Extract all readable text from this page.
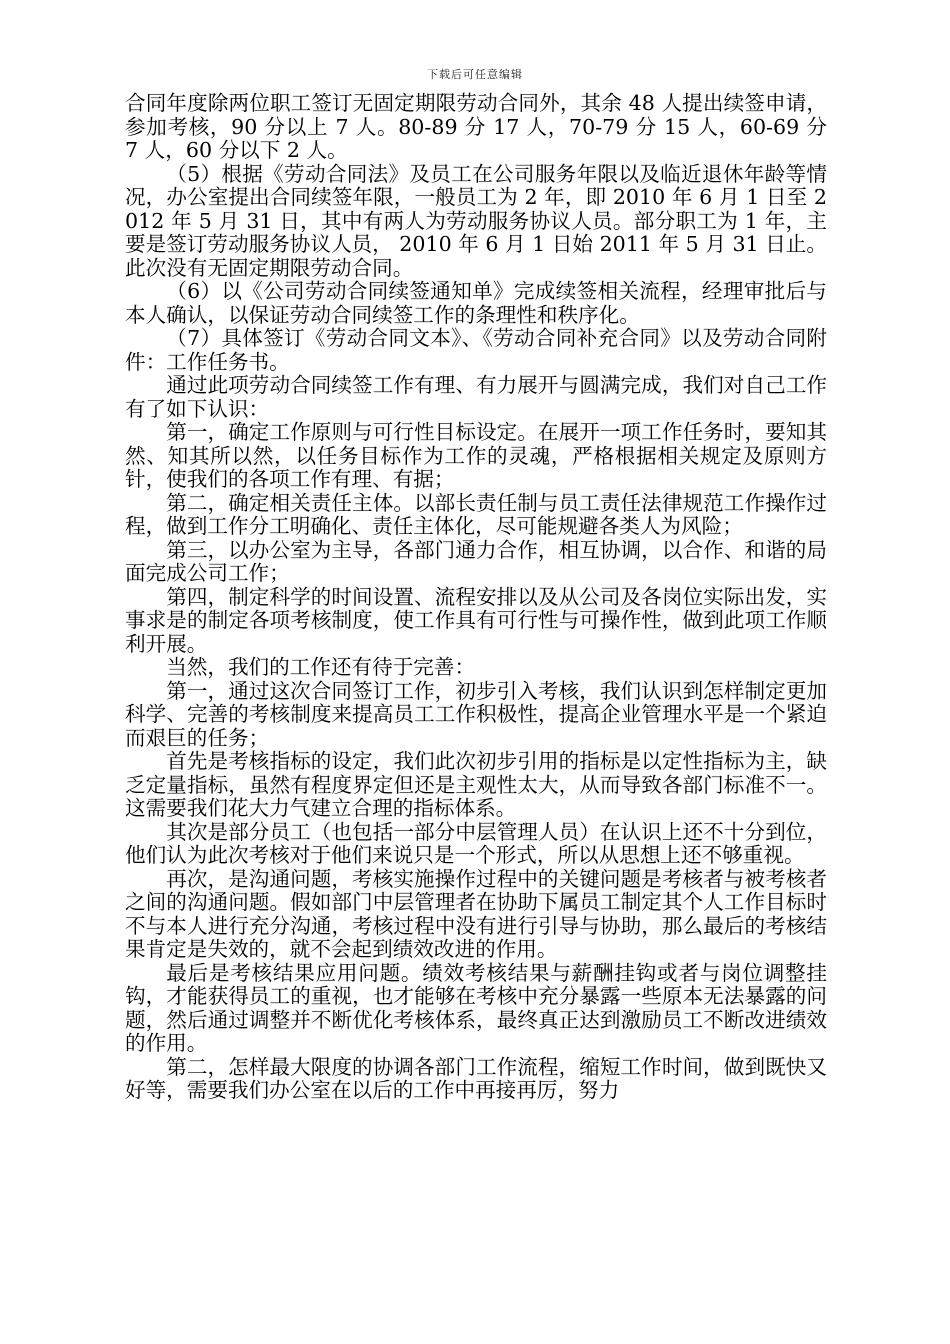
下载后可任意编辑

合同年度除两位职工签订无固定期限劳动合同外，其余 48 人提出续签申请，参加考核，90 分以上 7 人。80-89 分 17 人，70-79 分 15 人，60-69 分 7 人，60 分以下 2 人。

（5）根据《劳动合同法》及员工在公司服务年限以及临近退休年龄等情况，办公室提出合同续签年限，一般员工为 2 年，即 2010 年 6 月 1 日至 2012 年 5 月 31 日，其中有两人为劳动服务协议人员。部分职工为 1 年，主要是签订劳动服务协议人员， 2010 年 6 月 1 日始 2011 年 5 月 31 日止。此次没有无固定期限劳动合同。

（6）以《公司劳动合同续签通知单》完成续签相关流程，经理审批后与本人确认，以保证劳动合同续签工作的条理性和秩序化。

（7）具体签订《劳动合同文本》、《劳动合同补充合同》以及劳动合同附件：工作任务书。

通过此项劳动合同续签工作有理、有力展开与圆满完成，我们对自己工作有了如下认识：

第一，确定工作原则与可行性目标设定。在展开一项工作任务时，要知其然、知其所以然，以任务目标作为工作的灵魂，严格根据相关规定及原则方针，使我们的各项工作有理、有据；

第二，确定相关责任主体。以部长责任制与员工责任法律规范工作操作过程，做到工作分工明确化、责任主体化，尽可能规避各类人为风险；

第三，以办公室为主导，各部门通力合作，相互协调，以合作、和谐的局面完成公司工作；

第四，制定科学的时间设置、流程安排以及从公司及各岗位实际出发，实事求是的制定各项考核制度，使工作具有可行性与可操作性，做到此项工作顺利开展。

当然，我们的工作还有待于完善：

第一，通过这次合同签订工作，初步引入考核，我们认识到怎样制定更加科学、完善的考核制度来提高员工工作积极性，提高企业管理水平是一个紧迫而艰巨的任务；

首先是考核指标的设定，我们此次初步引用的指标是以定性指标为主，缺乏定量指标，虽然有程度界定但还是主观性太大，从而导致各部门标准不一。这需要我们花大力气建立合理的指标体系。

其次是部分员工（也包括一部分中层管理人员）在认识上还不十分到位，他们认为此次考核对于他们来说只是一个形式，所以从思想上还不够重视。

再次，是沟通问题，考核实施操作过程中的关键问题是考核者与被考核者之间的沟通问题。假如部门中层管理者在协助下属员工制定其个人工作目标时不与本人进行充分沟通，考核过程中没有进行引导与协助，那么最后的考核结果肯定是失效的，就不会起到绩效改进的作用。

最后是考核结果应用问题。绩效考核结果与薪酬挂钩或者与岗位调整挂钩，才能获得员工的重视，也才能够在考核中充分暴露一些原本无法暴露的问题，然后通过调整并不断优化考核体系，最终真正达到激励员工不断改进绩效的作用。

第二，怎样最大限度的协调各部门工作流程，缩短工作时间，做到既快又好等，需要我们办公室在以后的工作中再接再厉，努力
